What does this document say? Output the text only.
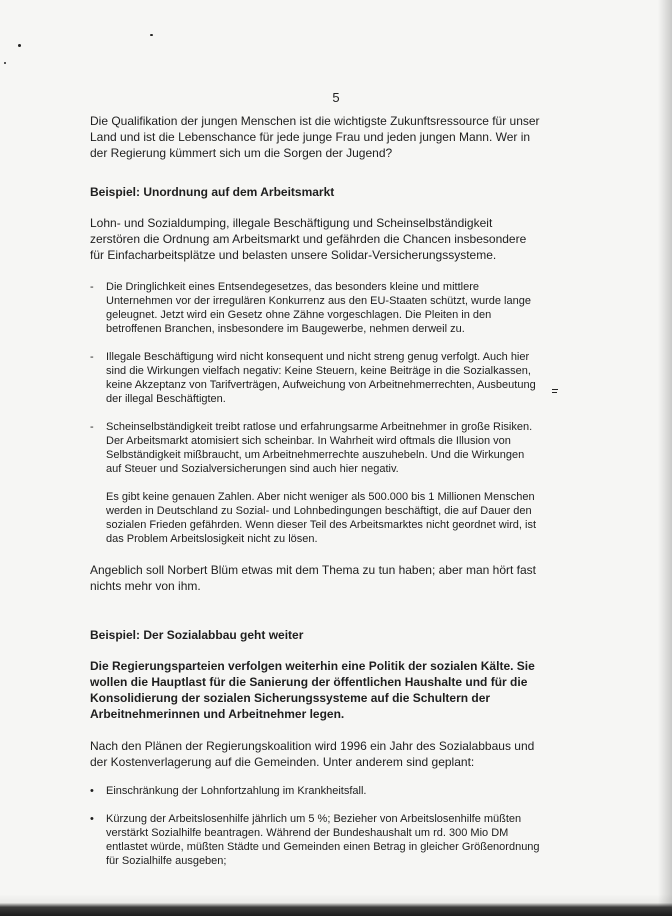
5

Die Qualifikation der jungen Menschen ist die wichtigste Zukunftsressource für unser Land und ist die Lebenschance für jede junge Frau und jeden jungen Mann. Wer in der Regierung kümmert sich um die Sorgen der Jugend?

Beispiel: Unordnung auf dem Arbeitsmarkt

Lohn- und Sozialdumping, illegale Beschäftigung und Scheinselbständigkeit zerstören die Ordnung am Arbeitsmarkt und gefährden die Chancen insbesondere für Einfacharbeitsplätze und belasten unsere Solidar-Versicherungssysteme.

- Die Dringlichkeit eines Entsendegesetzes, das besonders kleine und mittlere Unternehmen vor der irregulären Konkurrenz aus den EU-Staaten schützt, wurde lange geleugnet. Jetzt wird ein Gesetz ohne Zähne vorgeschlagen. Die Pleiten in den betroffenen Branchen, insbesondere im Baugewerbe, nehmen derweil zu.
- Illegale Beschäftigung wird nicht konsequent und nicht streng genug verfolgt. Auch hier sind die Wirkungen vielfach negativ: Keine Steuern, keine Beiträge in die Sozialkassen, keine Akzeptanz von Tarifverträgen, Aufweichung von Arbeitnehmerrechten, Ausbeutung der illegal Beschäftigten.
- Scheinselbständigkeit treibt ratlose und erfahrungsarme Arbeitnehmer in große Risiken. Der Arbeitsmarkt atomisiert sich scheinbar. In Wahrheit wird oftmals die Illusion von Selbständigkeit mißbraucht, um Arbeitnehmerrechte auszuhebeln. Und die Wirkungen auf Steuer und Sozialversicherungen sind auch hier negativ.

Es gibt keine genauen Zahlen. Aber nicht weniger als 500.000 bis 1 Millionen Menschen werden in Deutschland zu Sozial- und Lohnbedingungen beschäftigt, die auf Dauer den sozialen Frieden gefährden. Wenn dieser Teil des Arbeitsmarktes nicht geordnet wird, ist das Problem Arbeitslosigkeit nicht zu lösen.

Angeblich soll Norbert Blüm etwas mit dem Thema zu tun haben; aber man hört fast nichts mehr von ihm.

Beispiel: Der Sozialabbau geht weiter

Die Regierungsparteien verfolgen weiterhin eine Politik der sozialen Kälte. Sie wollen die Hauptlast für die Sanierung der öffentlichen Haushalte und für die Konsolidierung der sozialen Sicherungssysteme auf die Schultern der Arbeitnehmerinnen und Arbeitnehmer legen.

Nach den Plänen der Regierungskoalition wird 1996 ein Jahr des Sozialabbaus und der Kostenverlagerung auf die Gemeinden. Unter anderem sind geplant:

• Einschränkung der Lohnfortzahlung im Krankheitsfall.
• Kürzung der Arbeitslosenhilfe jährlich um 5 %; Bezieher von Arbeitslosenhilfe müßten verstärkt Sozialhilfe beantragen. Während der Bundeshaushalt um rd. 300 Mio DM entlastet würde, müßten Städte und Gemeinden einen Betrag in gleicher Größenordnung für Sozialhilfe ausgeben;
